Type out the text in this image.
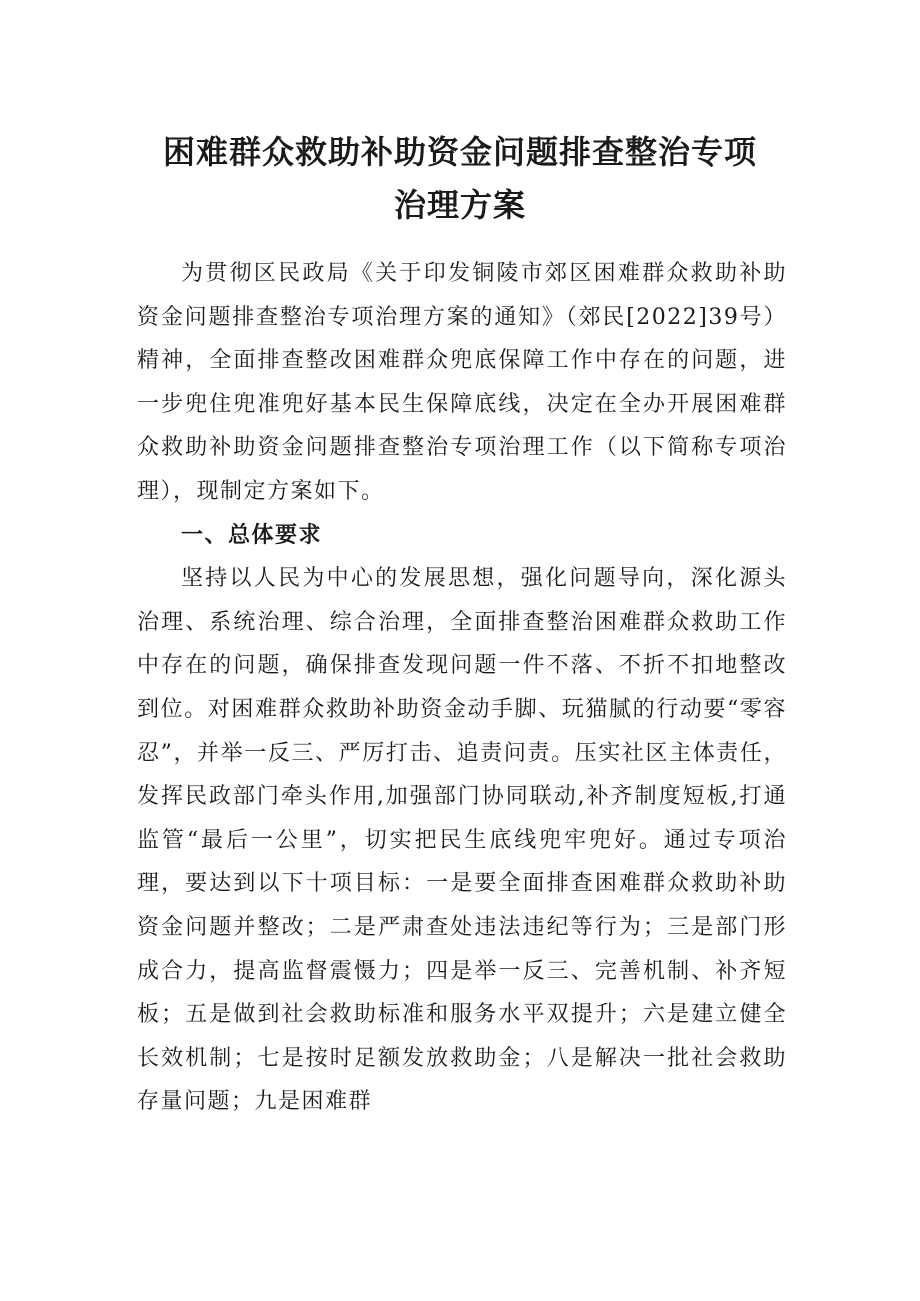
困难群众救助补助资金问题排查整治专项
治理方案

为贯彻区民政局《关于印发铜陵市郊区困难群众救助补助资金问题排查整治专项治理方案的通知》（郊民[2022]39号）精神，全面排查整改困难群众兜底保障工作中存在的问题，进一步兜住兜准兜好基本民生保障底线，决定在全办开展困难群众救助补助资金问题排查整治专项治理工作（以下简称专项治理），现制定方案如下。

一、总体要求

坚持以人民为中心的发展思想，强化问题导向，深化源头治理、系统治理、综合治理，全面排查整治困难群众救助工作中存在的问题，确保排查发现问题一件不落、不折不扣地整改到位。对困难群众救助补助资金动手脚、玩猫腻的行动要“零容忍”，并举一反三、严厉打击、追责问责。压实社区主体责任，发挥民政部门牵头作用,加强部门协同联动,补齐制度短板,打通监管“最后一公里”，切实把民生底线兜牢兜好。通过专项治理，要达到以下十项目标：一是要全面排查困难群众救助补助资金问题并整改；二是严肃查处违法违纪等行为；三是部门形成合力，提高监督震慑力；四是举一反三、完善机制、补齐短板；五是做到社会救助标准和服务水平双提升；六是建立健全长效机制；七是按时足额发放救助金；八是解决一批社会救助存量问题；九是困难群
